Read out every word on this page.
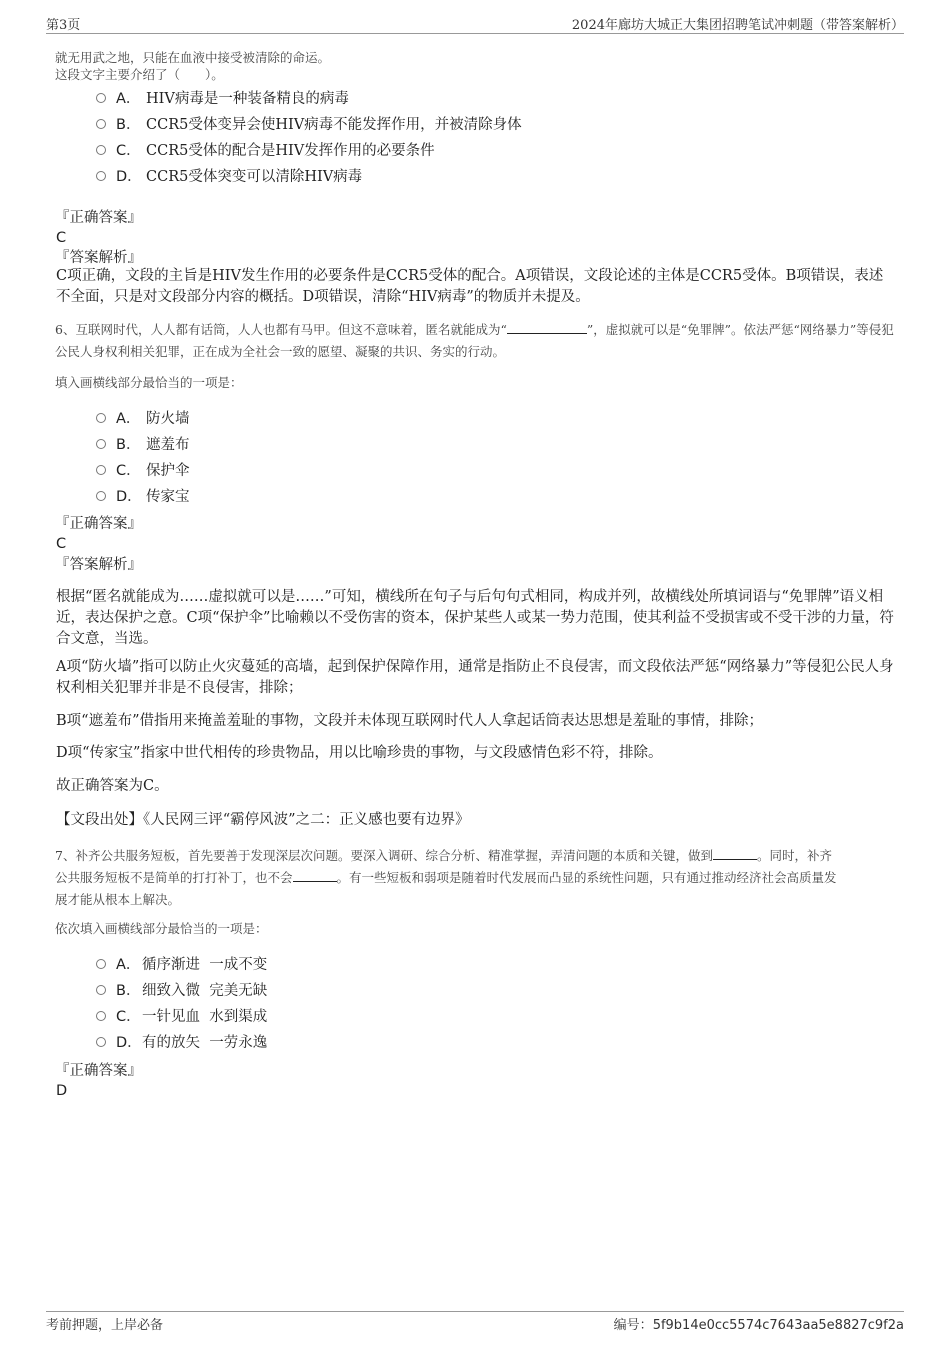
第3页	2024年廊坊大城正大集团招聘笔试冲刺题（带答案解析）
就无用武之地，只能在血液中接受被清除的命运。
这段文字主要介绍了（　　）。
A． HIV病毒是一种装备精良的病毒
B． CCR5受体变异会使HIV病毒不能发挥作用，并被清除身体
C． CCR5受体的配合是HIV发挥作用的必要条件
D． CCR5受体突变可以清除HIV病毒
『正确答案』
C
『答案解析』
C项正确，文段的主旨是HIV发生作用的必要条件是CCR5受体的配合。A项错误，文段论述的主体是CCR5受体。B项错误，表述不全面，只是对文段部分内容的概括。D项错误，清除“HIV病毒”的物质并未提及。
6、互联网时代，人人都有话筒，人人也都有马甲。但这不意味着，匿名就能成为“	”，虚拟就可以是“免罪牌”。依法严惩“网络暴力”等侵犯公民人身权利相关犯罪，正在成为全社会一致的愿望、凝聚的共识、务实的行动。
填入画横线部分最恰当的一项是：
A． 防火墙
B． 遮羞布
C． 保护伞
D． 传家宝
『正确答案』
C
『答案解析』
根据“匿名就能成为……虚拟就可以是……”可知，横线所在句子与后句句式相同，构成并列，故横线处所填词语与“免罪牌”语义相近，表达保护之意。C项“保护伞”比喻赖以不受伤害的资本，保护某些人或某一势力范围，使其利益不受损害或不受干涉的力量，符合文意，当选。
A项“防火墙”指可以防止火灾蔓延的高墙，起到保护保障作用，通常是指防止不良侵害，而文段依法严惩“网络暴力”等侵犯公民人身权利相关犯罪并非是不良侵害，排除；
B项“遮羞布”借指用来掩盖羞耻的事物，文段并未体现互联网时代人人拿起话筒表达思想是羞耻的事情，排除；
D项“传家宝”指家中世代相传的珍贵物品，用以比喻珍贵的事物，与文段感情色彩不符，排除。
故正确答案为C。
【文段出处】《人民网三评“霸停风波”之二：正义感也要有边界》
7、补齐公共服务短板，首先要善于发现深层次问题。要深入调研、综合分析、精准掌握，弄清问题的本质和关键，做到	。同时，补齐
公共服务短板不是简单的打打补丁，也不会	。有一些短板和弱项是随着时代发展而凸显的系统性问题，只有通过推动经济社会高质量发
展才能从根本上解决。
依次填入画横线部分最恰当的一项是：
A． 循序渐进  一成不变
B． 细致入微  完美无缺
C．一针见血  水到渠成
D．有的放矢  一劳永逸
『正确答案』
D
考前押题，上岸必备	编号：5f9b14e0cc5574c7643aa5e8827c9f2a
